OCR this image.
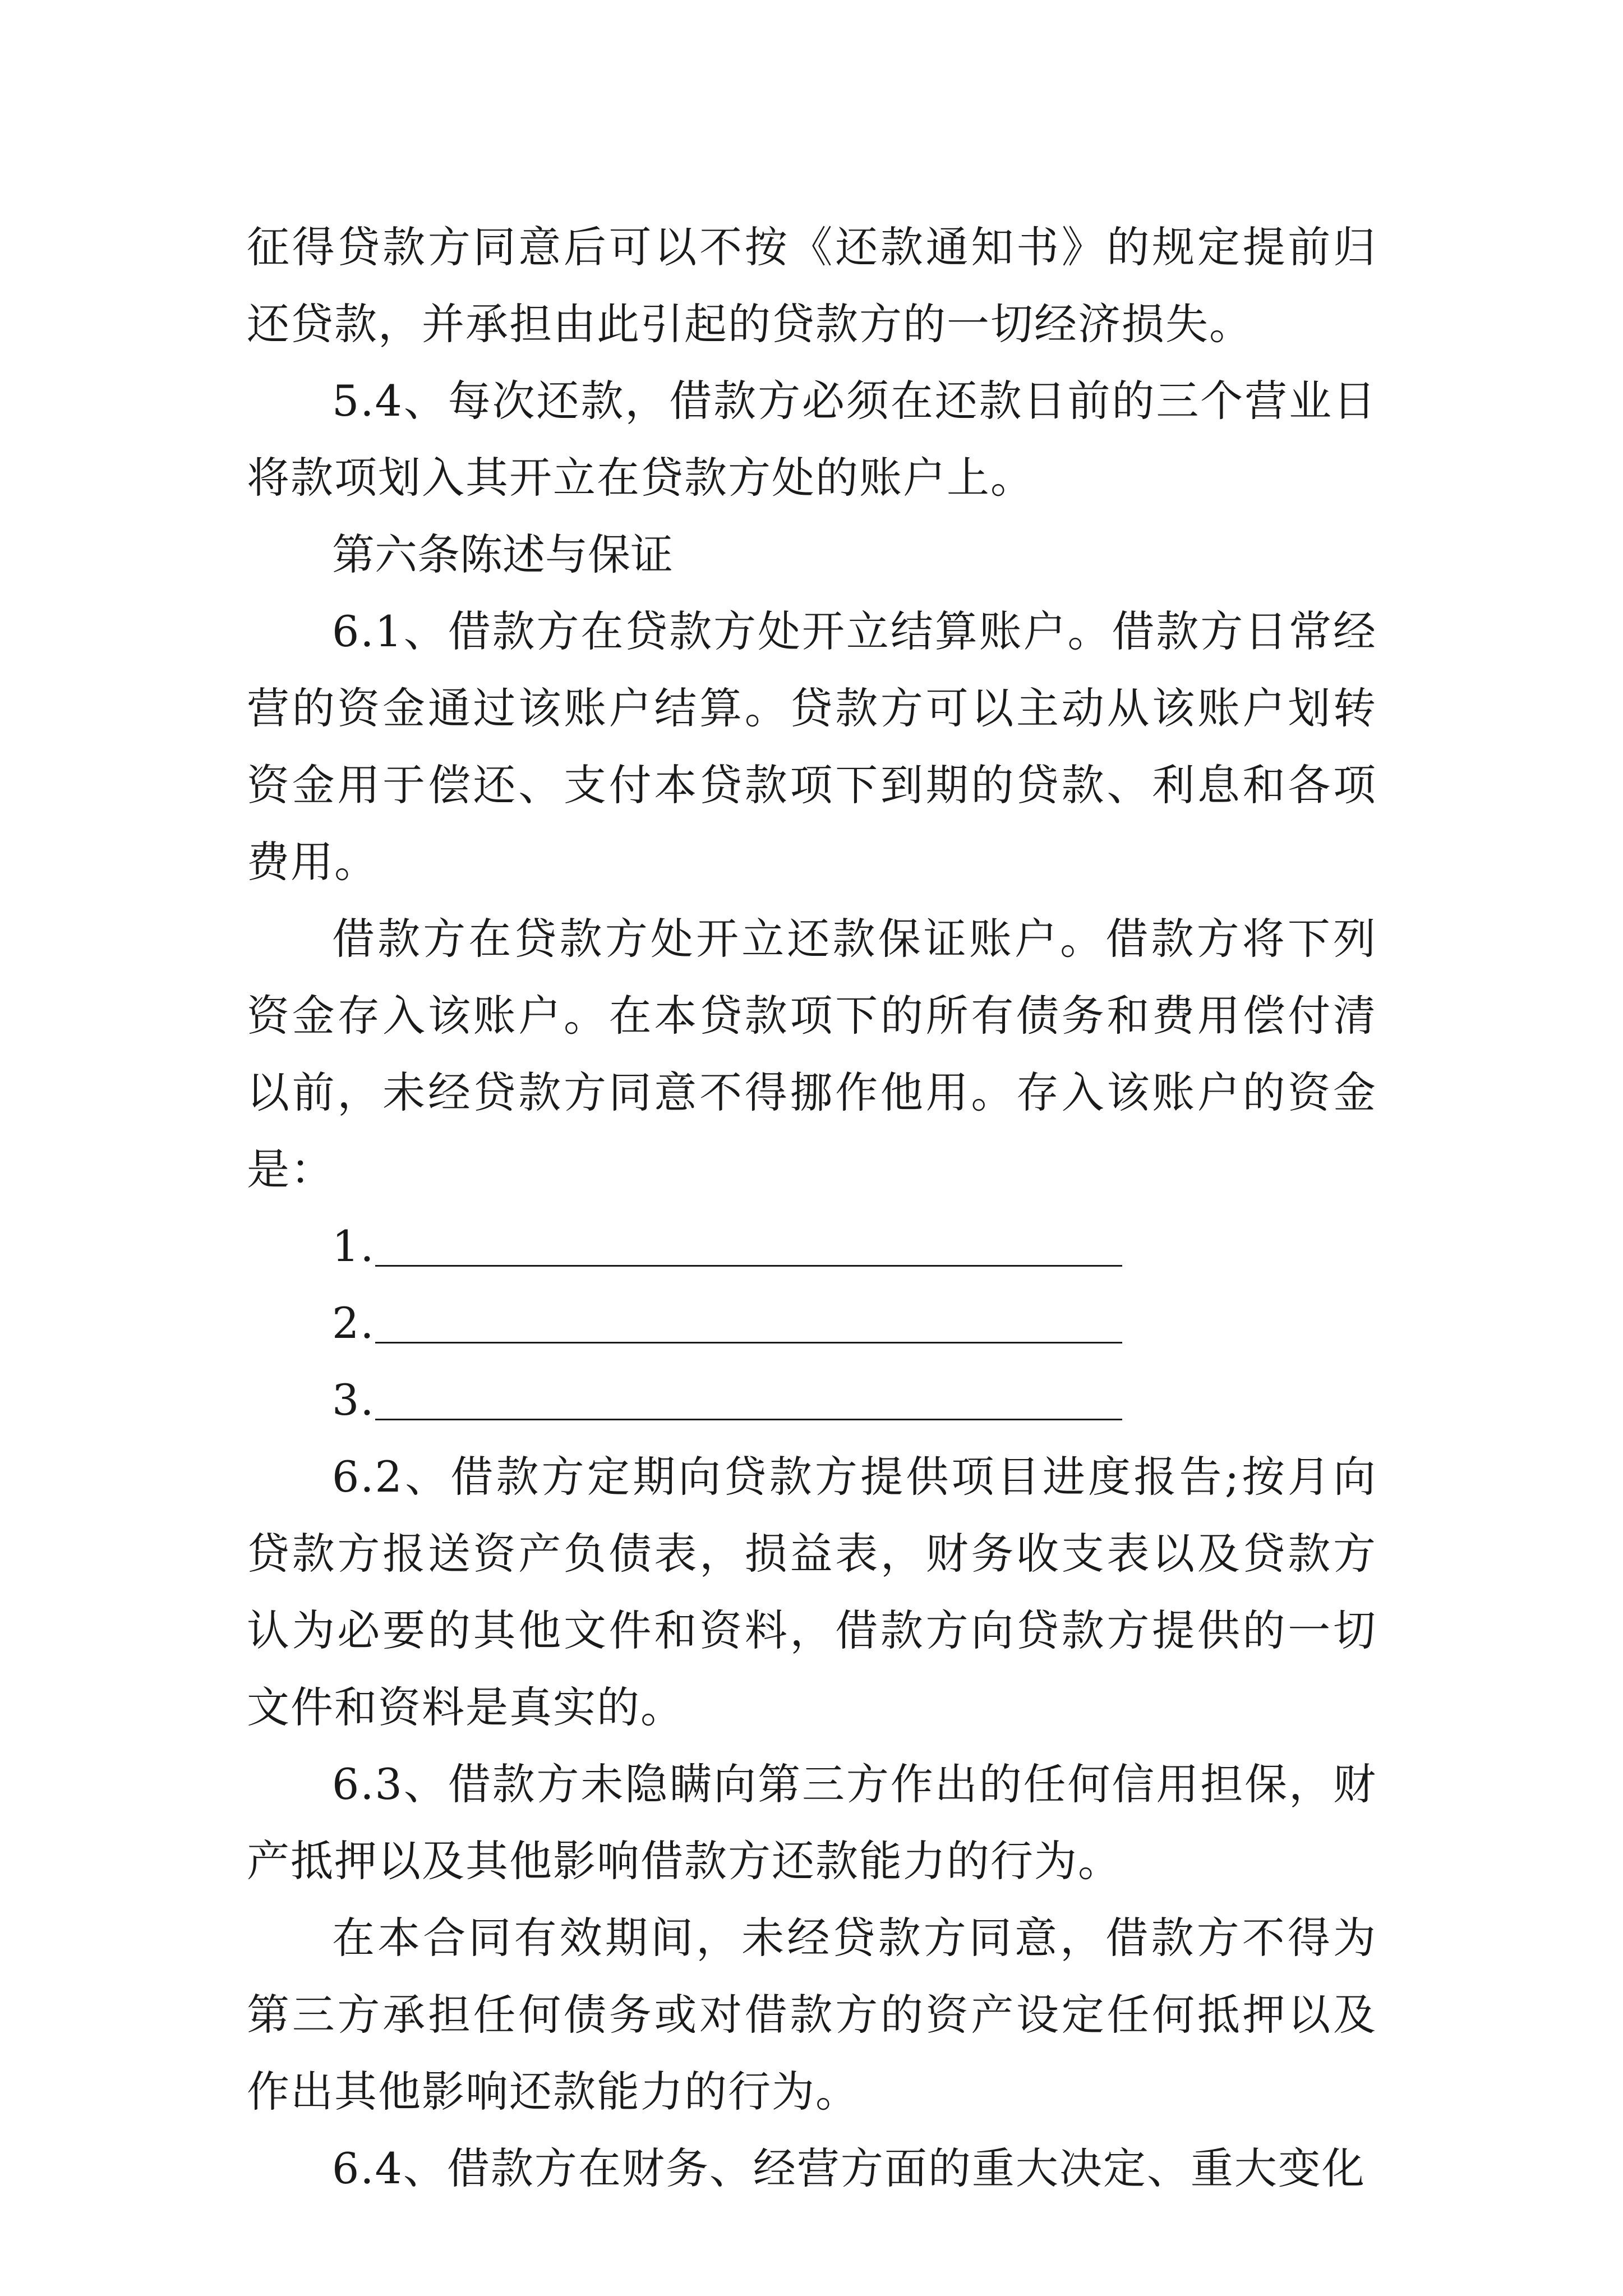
征得贷款方同意后可以不按《还款通知书》的规定提前归还贷款，并承担由此引起的贷款方的一切经济损失。

5.4、每次还款，借款方必须在还款日前的三个营业日将款项划入其开立在贷款方处的账户上。

第六条陈述与保证

6.1、借款方在贷款方处开立结算账户。借款方日常经营的资金通过该账户结算。贷款方可以主动从该账户划转资金用于偿还、支付本贷款项下到期的贷款、利息和各项费用。

借款方在贷款方处开立还款保证账户。借款方将下列资金存入该账户。在本贷款项下的所有债务和费用偿付清以前，未经贷款方同意不得挪作他用。存入该账户的资金是：

1.
2.
3.

6.2、借款方定期向贷款方提供项目进度报告;按月向贷款方报送资产负债表，损益表，财务收支表以及贷款方认为必要的其他文件和资料，借款方向贷款方提供的一切文件和资料是真实的。

6.3、借款方未隐瞒向第三方作出的任何信用担保，财产抵押以及其他影响借款方还款能力的行为。

在本合同有效期间，未经贷款方同意，借款方不得为第三方承担任何债务或对借款方的资产设定任何抵押以及作出其他影响还款能力的行为。

6.4、借款方在财务、经营方面的重大决定、重大变化
